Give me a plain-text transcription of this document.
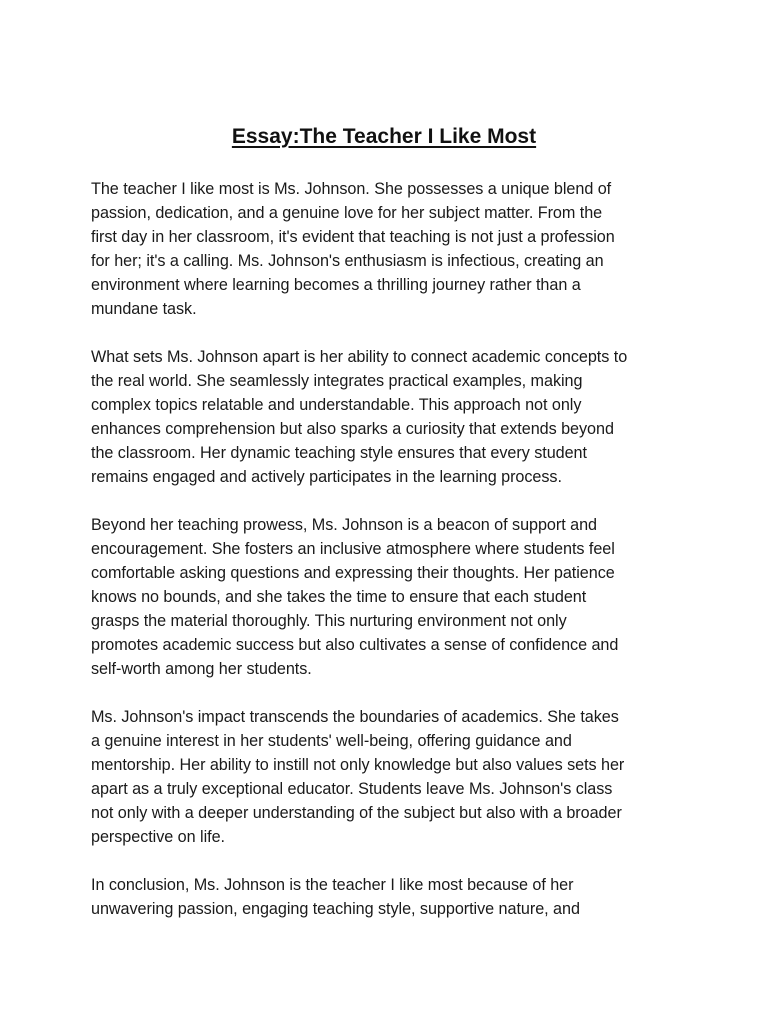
Essay:The Teacher I Like Most

The teacher I like most is Ms. Johnson. She possesses a unique blend of
passion, dedication, and a genuine love for her subject matter. From the
first day in her classroom, it's evident that teaching is not just a profession
for her; it's a calling. Ms. Johnson's enthusiasm is infectious, creating an
environment where learning becomes a thrilling journey rather than a
mundane task.

What sets Ms. Johnson apart is her ability to connect academic concepts to
the real world. She seamlessly integrates practical examples, making
complex topics relatable and understandable. This approach not only
enhances comprehension but also sparks a curiosity that extends beyond
the classroom. Her dynamic teaching style ensures that every student
remains engaged and actively participates in the learning process.

Beyond her teaching prowess, Ms. Johnson is a beacon of support and
encouragement. She fosters an inclusive atmosphere where students feel
comfortable asking questions and expressing their thoughts. Her patience
knows no bounds, and she takes the time to ensure that each student
grasps the material thoroughly. This nurturing environment not only
promotes academic success but also cultivates a sense of confidence and
self-worth among her students.

Ms. Johnson's impact transcends the boundaries of academics. She takes
a genuine interest in her students' well-being, offering guidance and
mentorship. Her ability to instill not only knowledge but also values sets her
apart as a truly exceptional educator. Students leave Ms. Johnson's class
not only with a deeper understanding of the subject but also with a broader
perspective on life.

In conclusion, Ms. Johnson is the teacher I like most because of her
unwavering passion, engaging teaching style, supportive nature, and
